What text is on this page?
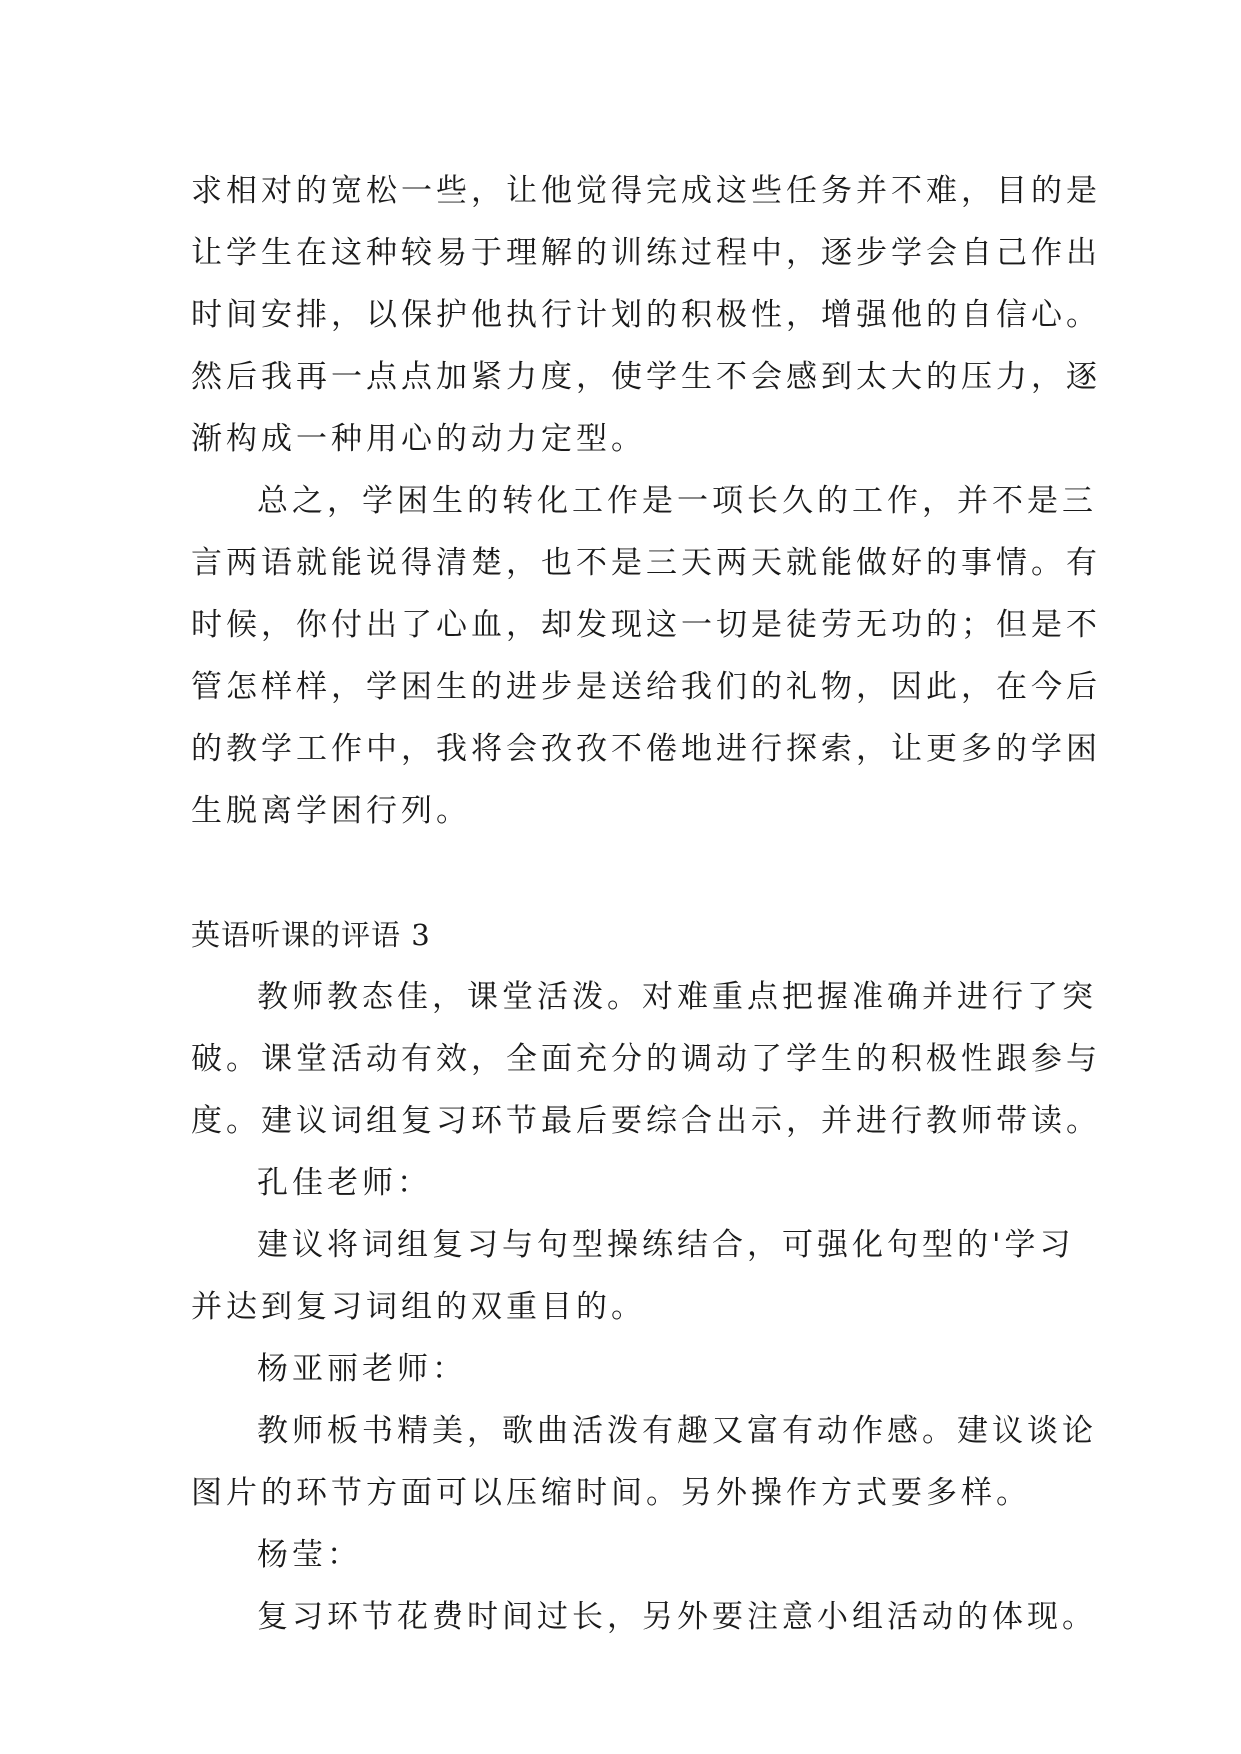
求相对的宽松一些，让他觉得完成这些任务并不难，目的是
让学生在这种较易于理解的训练过程中，逐步学会自己作出
时间安排，以保护他执行计划的积极性，增强他的自信心。
然后我再一点点加紧力度，使学生不会感到太大的压力，逐
渐构成一种用心的动力定型。
总之，学困生的转化工作是一项长久的工作，并不是三
言两语就能说得清楚，也不是三天两天就能做好的事情。有
时候，你付出了心血，却发现这一切是徒劳无功的；但是不
管怎样样，学困生的进步是送给我们的礼物，因此，在今后
的教学工作中，我将会孜孜不倦地进行探索，让更多的学困
生脱离学困行列。
英语听课的评语 3
教师教态佳，课堂活泼。对难重点把握准确并进行了突
破。课堂活动有效，全面充分的调动了学生的积极性跟参与
度。建议词组复习环节最后要综合出示，并进行教师带读。
孔佳老师：
建议将词组复习与句型操练结合，可强化句型的'学习
并达到复习词组的双重目的。
杨亚丽老师：
教师板书精美，歌曲活泼有趣又富有动作感。建议谈论
图片的环节方面可以压缩时间。另外操作方式要多样。
杨莹：
复习环节花费时间过长，另外要注意小组活动的体现。
